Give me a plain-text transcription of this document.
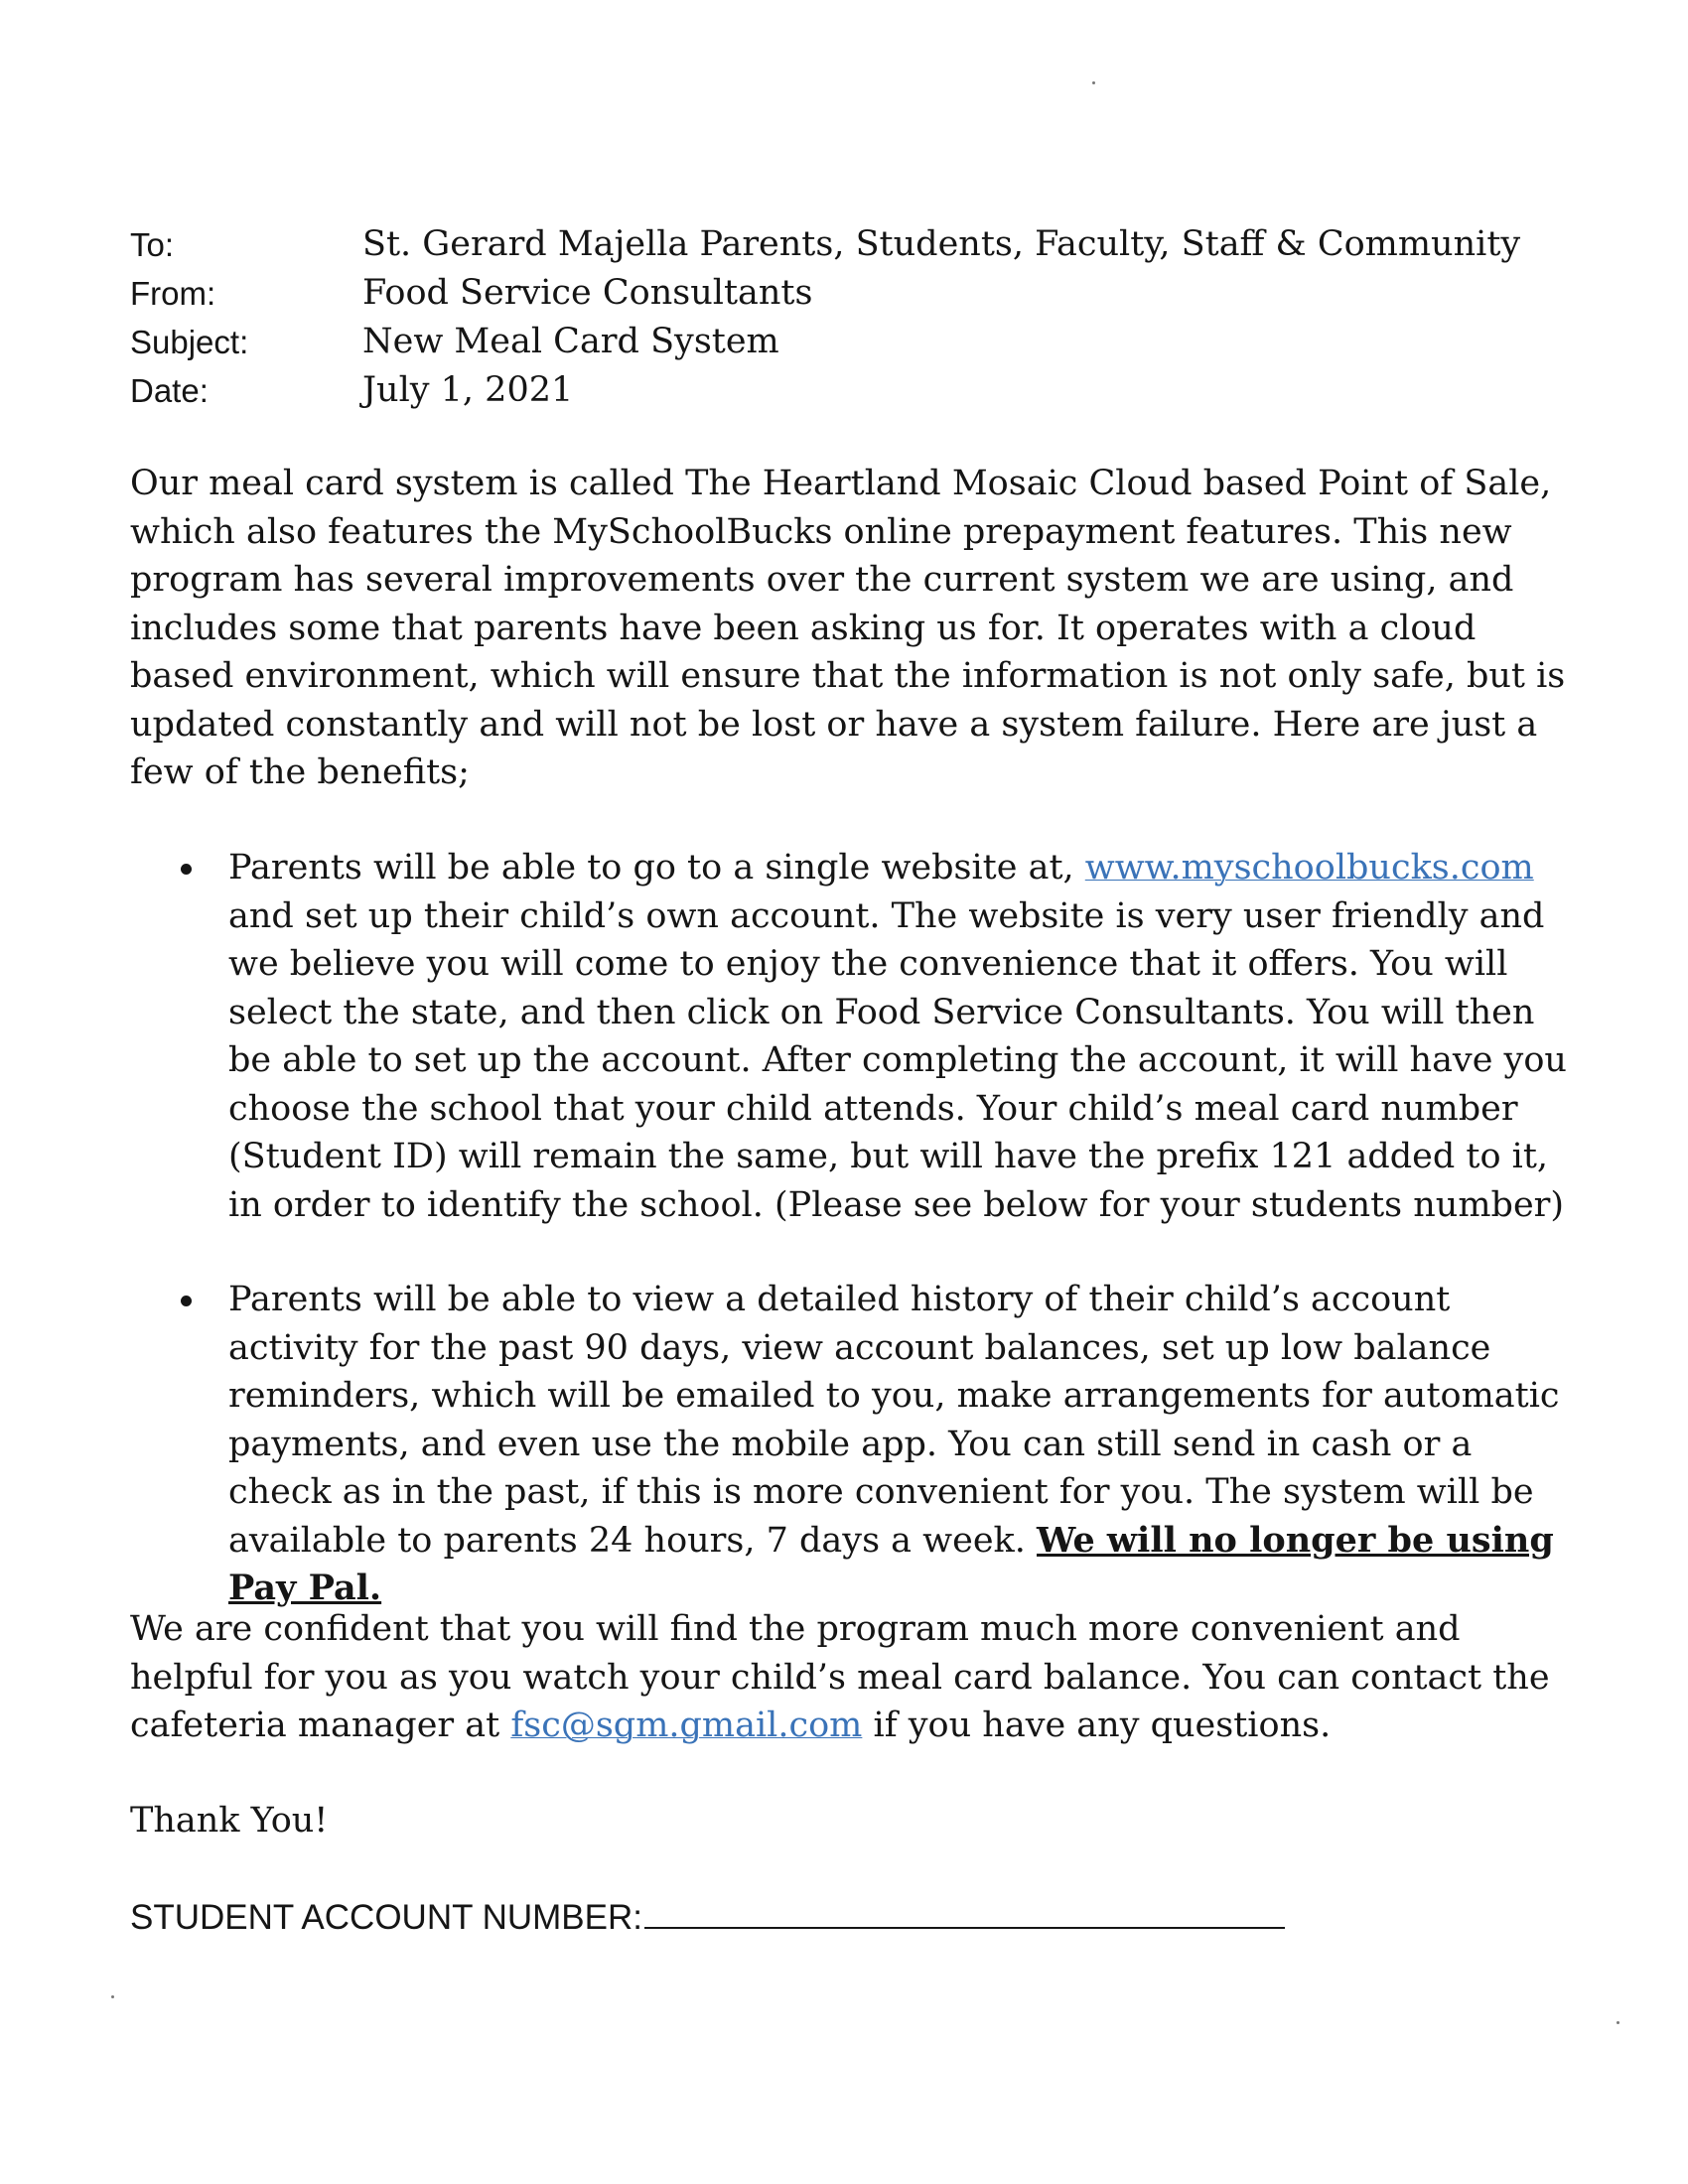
To:	St. Gerard Majella Parents, Students, Faculty, Staff & Community
From:	Food Service Consultants
Subject:	New Meal Card System
Date:	July 1, 2021

Our meal card system is called The Heartland Mosaic Cloud based Point of Sale, which also features the MySchoolBucks online prepayment features. This new program has several improvements over the current system we are using, and includes some that parents have been asking us for. It operates with a cloud based environment, which will ensure that the information is not only safe, but is updated constantly and will not be lost or have a system failure. Here are just a few of the benefits;

Parents will be able to go to a single website at, www.myschoolbucks.com and set up their child’s own account. The website is very user friendly and we believe you will come to enjoy the convenience that it offers. You will select the state, and then click on Food Service Consultants. You will then be able to set up the account. After completing the account, it will have you choose the school that your child attends. Your child’s meal card number (Student ID) will remain the same, but will have the prefix 121 added to it, in order to identify the school. (Please see below for your students number)
Parents will be able to view a detailed history of their child’s account activity for the past 90 days, view account balances, set up low balance reminders, which will be emailed to you, make arrangements for automatic payments, and even use the mobile app. You can still send in cash or a check as in the past, if this is more convenient for you. The system will be available to parents 24 hours, 7 days a week. We will no longer be using Pay Pal.

We are confident that you will find the program much more convenient and helpful for you as you watch your child’s meal card balance. You can contact the cafeteria manager at fsc@sgm.gmail.com if you have any questions.

Thank You!

STUDENT ACCOUNT NUMBER:
